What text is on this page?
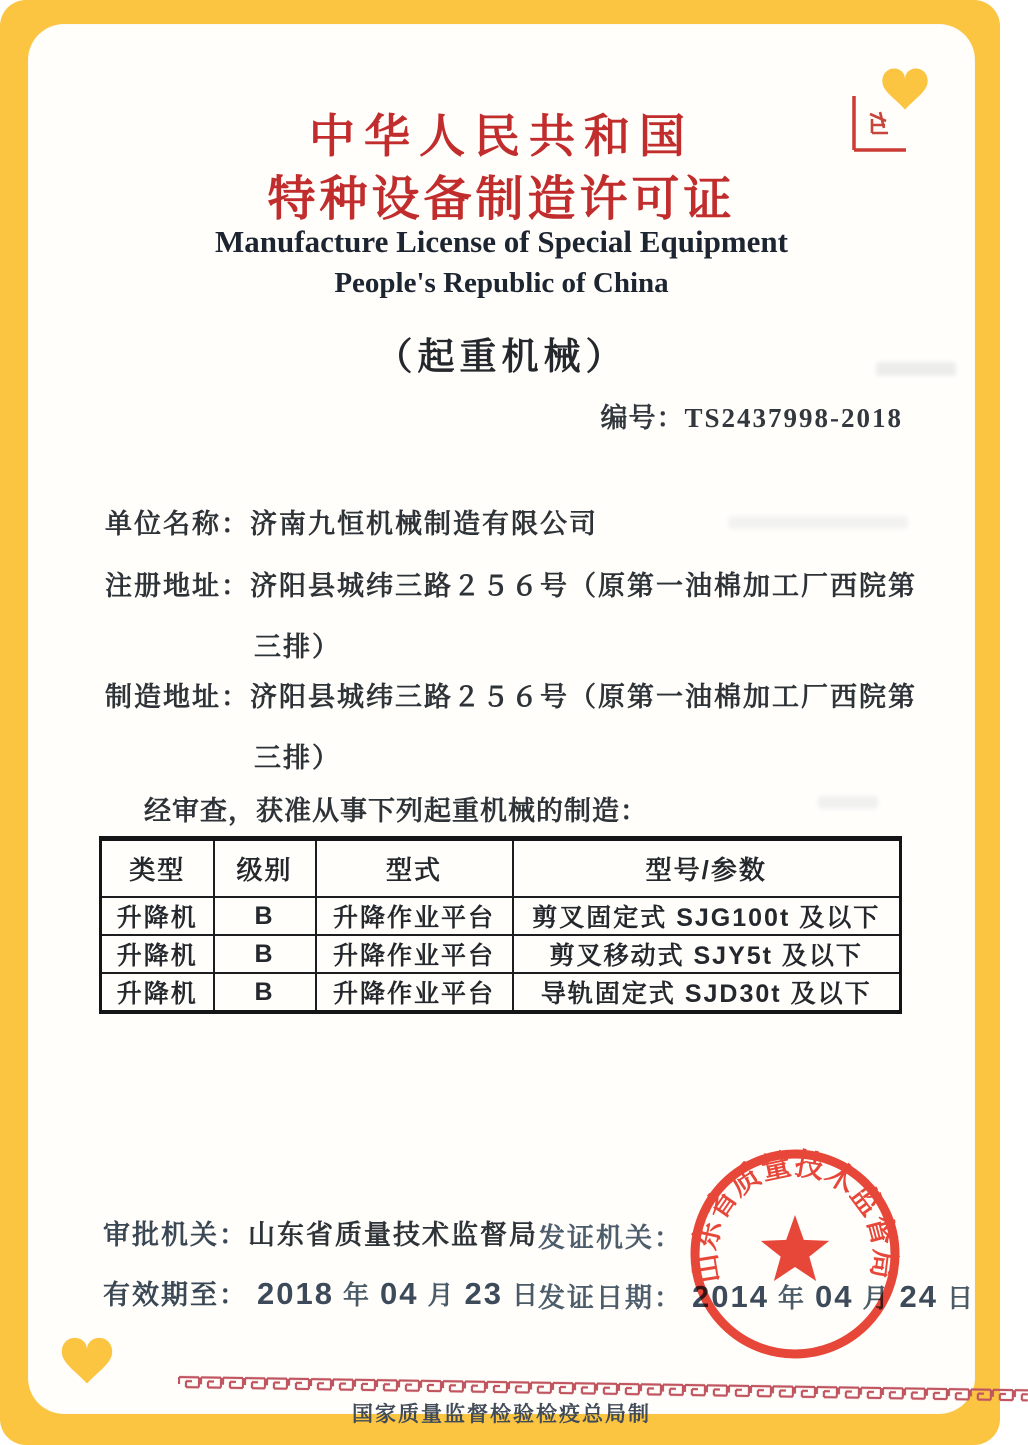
中华人民共和国
特种设备制造许可证
Manufacture License of Special Equipment
People's Republic of China
（起重机械）
编号：TS2437998-2018
单位名称：济南九恒机械制造有限公司
注册地址：济阳县城纬三路２５６号（原第一油棉加工厂西院第
三排）
制造地址：济阳县城纬三路２５６号（原第一油棉加工厂西院第
三排）
经审查，获准从事下列起重机械的制造：
类型	级别	型式	型号/参数
升降机	B	升降作业平台	剪叉固定式 SJG100t 及以下
升降机	B	升降作业平台	剪叉移动式 SJY5t 及以下
升降机	B	升降作业平台	导轨固定式 SJD30t 及以下
审批机关：山东省质量技术监督局 发证机关：
有效期至： 2018 年 04 月 23 日
发证日期： 2014 年 04 月 24 日
国家质量监督检验检疫总局制
山东省质量技术监督局
